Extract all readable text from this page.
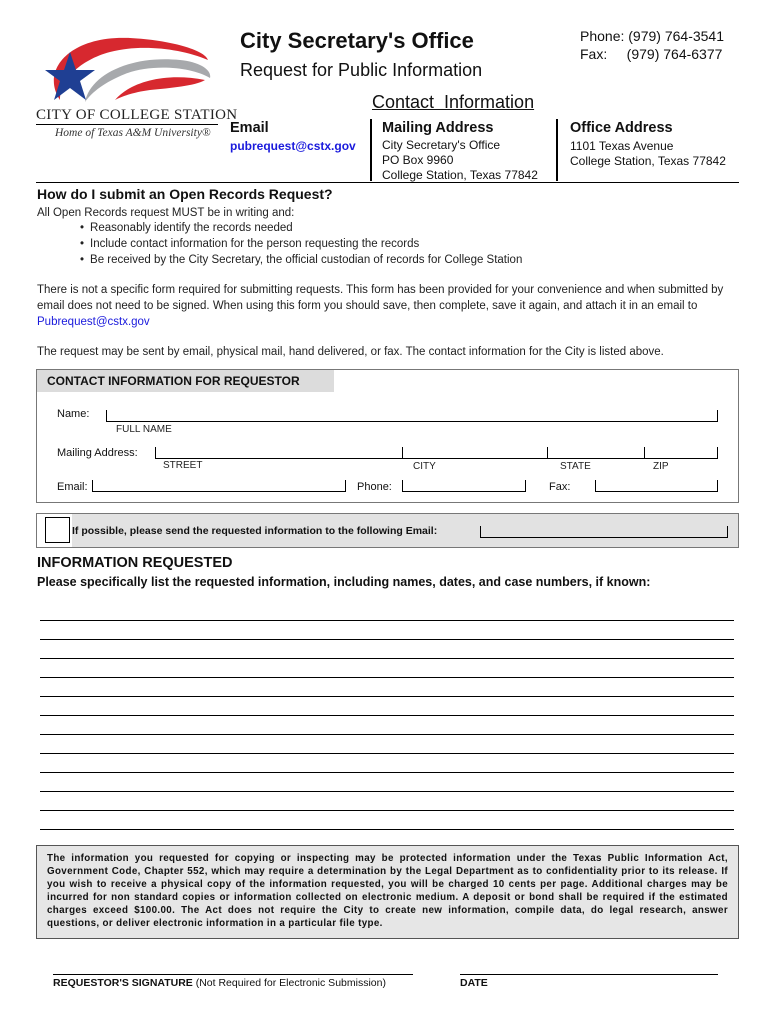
CITY OF COLLEGE STATION
Home of Texas A&M University®
City Secretary's Office
Request for Public Information
Phone: (979) 764-3541
Fax:     (979) 764-6377
Contact  Information
Email
pubrequest@cstx.gov
Mailing Address
City Secretary's Office
PO Box 9960
College Station, Texas 77842
Office Address
1101 Texas Avenue
College Station, Texas 77842
How do I submit an Open Records Request?
All Open Records request MUST be in writing and:
• Reasonably identify the records needed
• Include contact information for the person requesting the records
• Be received by the City Secretary, the official custodian of records for College Station
There is not a specific form required for submitting requests. This form has been provided for your convenience and when submitted by email does not need to be signed. When using this form you should save, then complete, save it again, and attach it in an email to Pubrequest@cstx.gov
The request may be sent by email, physical mail, hand delivered, or fax. The contact information for the City is listed above.
CONTACT INFORMATION FOR REQUESTOR
Name:
FULL NAME
Mailing Address:
STREET	CITY	STATE	ZIP
Email:	Phone:	Fax:
If possible, please send the requested information to the following Email:
INFORMATION REQUESTED
Please specifically list the requested information, including names, dates, and case numbers, if known:
The information you requested for copying or inspecting may be protected information under the Texas Public Information Act, Government Code, Chapter 552, which may require a determination by the Legal Department as to confidentiality prior to its release. If you wish to receive a physical copy of the information requested, you will be charged 10 cents per page. Additional charges may be incurred for non standard copies or information collected on electronic medium. A deposit or bond shall be required if the estimated charges exceed $100.00. The Act does not require the City to create new information, compile data, do legal research, answer questions, or deliver electronic information in a particular file type.
REQUESTOR'S SIGNATURE (Not Required for Electronic Submission)	DATE
